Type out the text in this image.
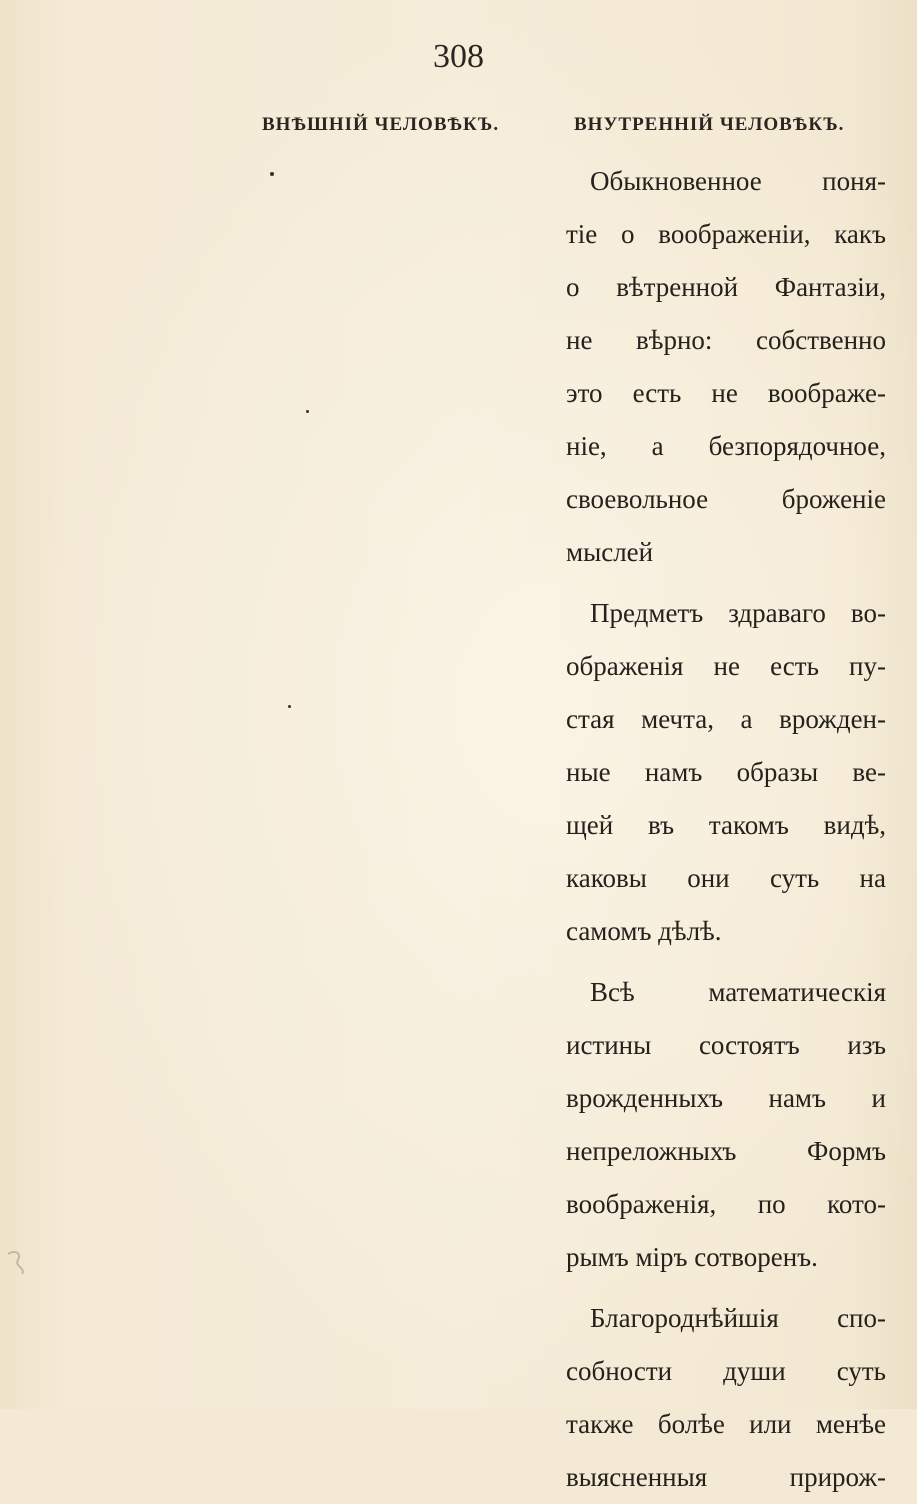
308
ВНѢШНІЙ ЧЕЛОВѢКЪ.	ВНУТРЕННІЙ ЧЕЛОВѢКЪ.
Обыкновенное поня-
тіе о воображеніи, какъ
о вѣтренной Фантазіи,
не вѣрно: собственно
это есть не воображе-
ніе, а безпорядочное,
своевольное броженіе
мыслей
Предметъ здраваго во-
ображенія не есть пу-
стая мечта, а врожден-
ные намъ образы ве-
щей въ такомъ видѣ,
каковы они суть на
самомъ дѣлѣ.
Всѣ математическія
истины состоятъ изъ
врожденныхъ намъ и
непреложныхъ Формъ
воображенія, по кото-
рымъ міръ сотворенъ.
Благороднѣйшія спо-
собности души суть
также болѣе или менѣе
выясненныя прирож-
